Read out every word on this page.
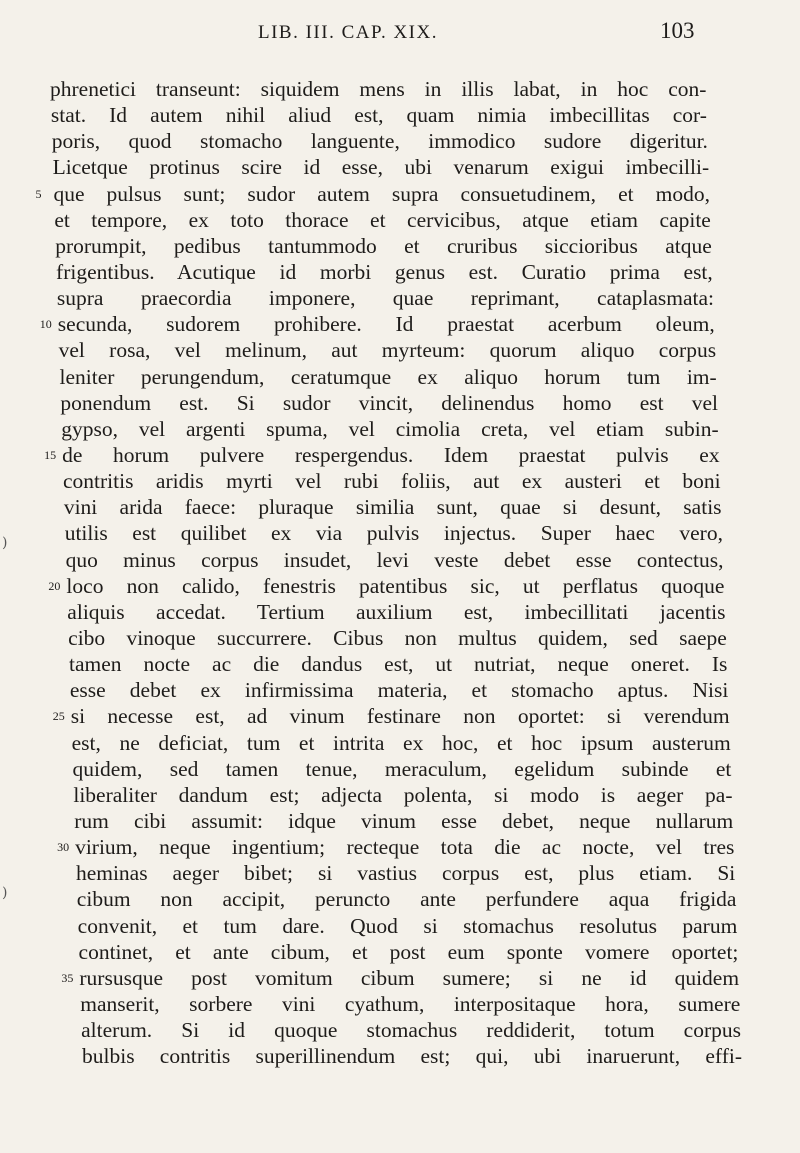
LIB. III. CAP. XIX.	103
)
)
phrenetici transeunt: siquidem mens in illis labat, in hoc con-
stat. Id autem nihil aliud est, quam nimia imbecillitas cor-
poris, quod stomacho languente, immodico sudore digeritur.
Licetque protinus scire id esse, ubi venarum exigui imbecilli-
5 que pulsus sunt; sudor autem supra consuetudinem, et modo,
et tempore, ex toto thorace et cervicibus, atque etiam capite
prorumpit, pedibus tantummodo et cruribus siccioribus atque
frigentibus. Acutique id morbi genus est. Curatio prima est,
supra praecordia imponere, quae reprimant, cataplasmata:
10 secunda, sudorem prohibere. Id praestat acerbum oleum,
vel rosa, vel melinum, aut myrteum: quorum aliquo corpus
leniter perungendum, ceratumque ex aliquo horum tum im-
ponendum est. Si sudor vincit, delinendus homo est vel
gypso, vel argenti spuma, vel cimolia creta, vel etiam subin-
15 de horum pulvere respergendus. Idem praestat pulvis ex
contritis aridis myrti vel rubi foliis, aut ex austeri et boni
vini arida faece: pluraque similia sunt, quae si desunt, satis
utilis est quilibet ex via pulvis injectus. Super haec vero,
quo minus corpus insudet, levi veste debet esse contectus,
20 loco non calido, fenestris patentibus sic, ut perflatus quoque
aliquis accedat. Tertium auxilium est, imbecillitati jacentis
cibo vinoque succurrere. Cibus non multus quidem, sed saepe
tamen nocte ac die dandus est, ut nutriat, neque oneret. Is
esse debet ex infirmissima materia, et stomacho aptus. Nisi
25 si necesse est, ad vinum festinare non oportet: si verendum
est, ne deficiat, tum et intrita ex hoc, et hoc ipsum austerum
quidem, sed tamen tenue, meraculum, egelidum subinde et
liberaliter dandum est; adjecta polenta, si modo is aeger pa-
rum cibi assumit: idque vinum esse debet, neque nullarum
30 virium, neque ingentium; recteque tota die ac nocte, vel tres
heminas aeger bibet; si vastius corpus est, plus etiam. Si
cibum non accipit, peruncto ante perfundere aqua frigida
convenit, et tum dare. Quod si stomachus resolutus parum
continet, et ante cibum, et post eum sponte vomere oportet;
35 rursusque post vomitum cibum sumere; si ne id quidem
manserit, sorbere vini cyathum, interpositaque hora, sumere
alterum. Si id quoque stomachus reddiderit, totum corpus
bulbis contritis superillinendum est; qui, ubi inaruerunt, effi-
